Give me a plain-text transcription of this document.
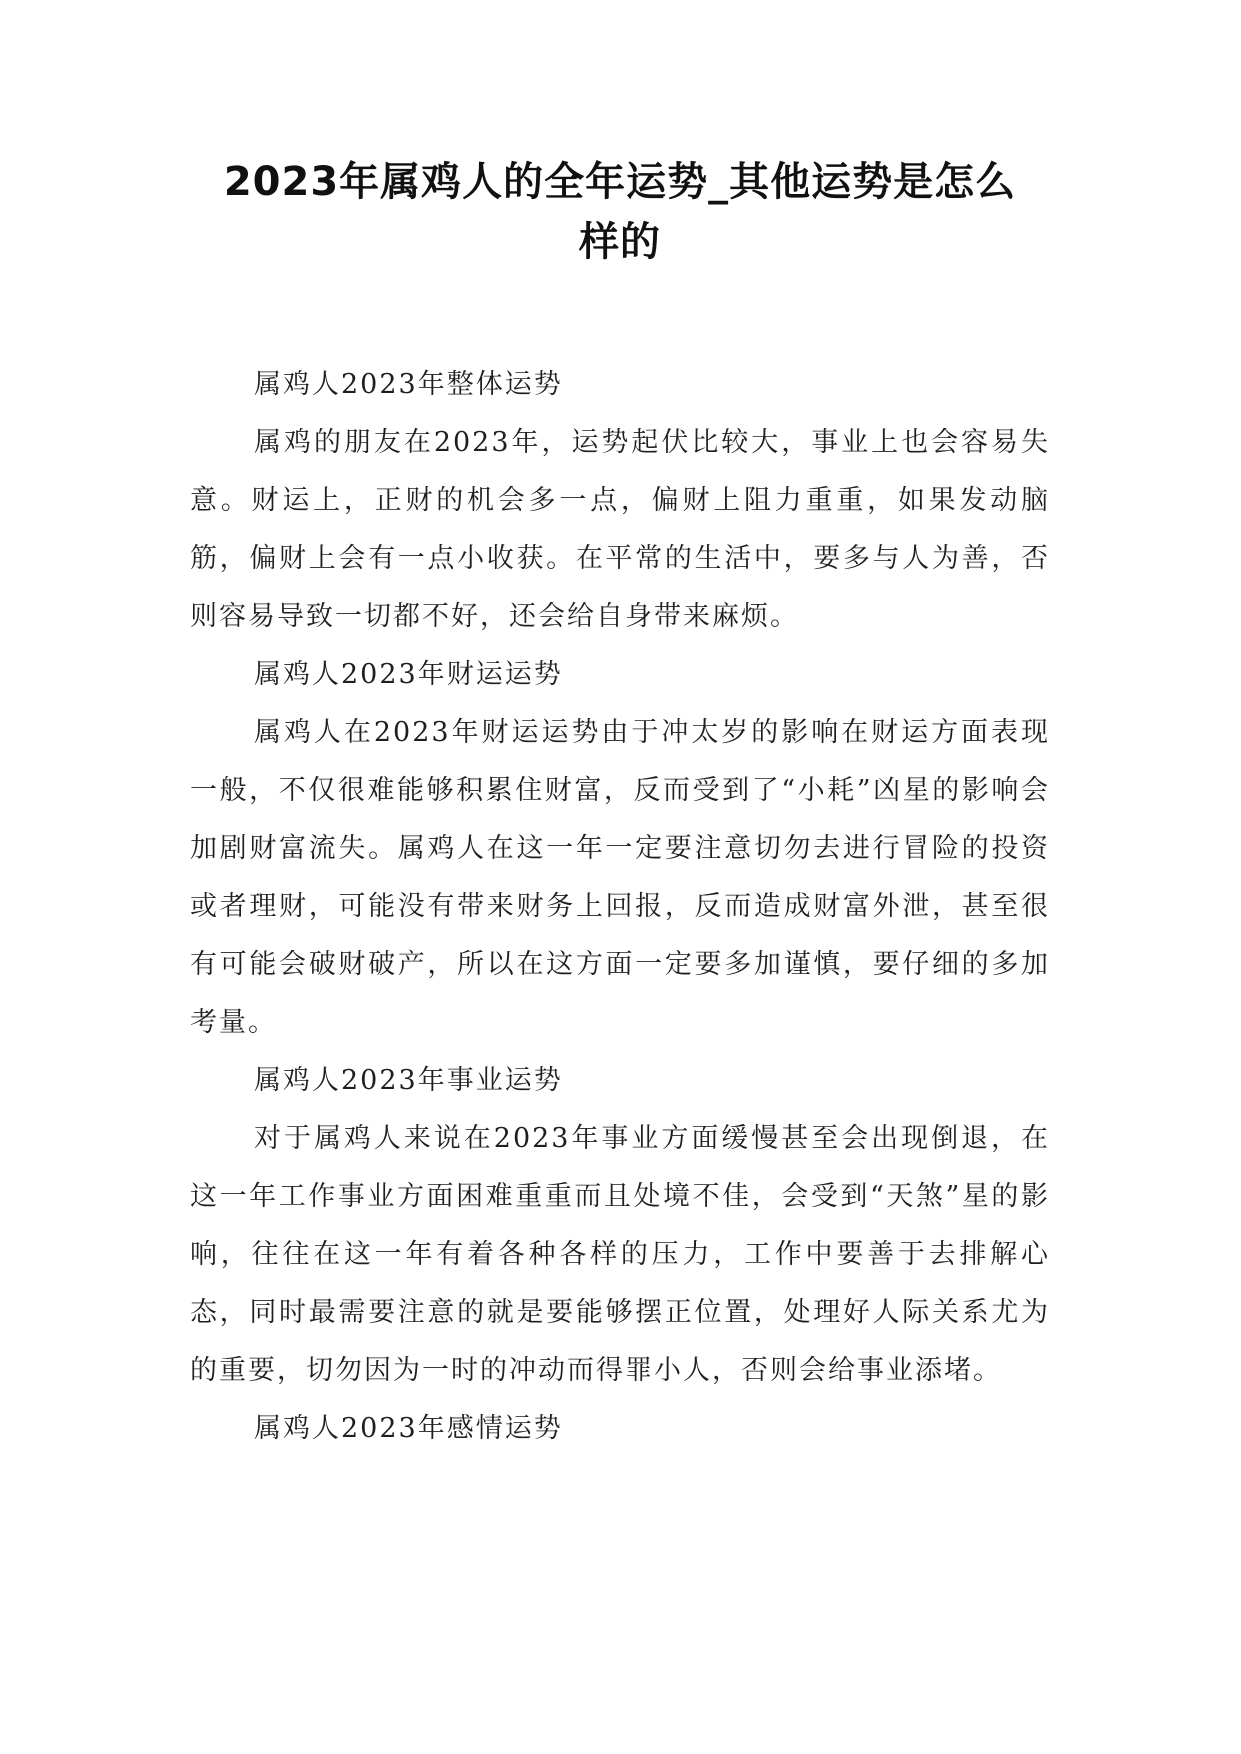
2023年属鸡人的全年运势_其他运势是怎么
样的

属鸡人2023年整体运势

属鸡的朋友在2023年，运势起伏比较大，事业上也会容易失意。财运上，正财的机会多一点，偏财上阻力重重，如果发动脑筋，偏财上会有一点小收获。在平常的生活中，要多与人为善，否则容易导致一切都不好，还会给自身带来麻烦。

属鸡人2023年财运运势

属鸡人在2023年财运运势由于冲太岁的影响在财运方面表现一般，不仅很难能够积累住财富，反而受到了“小耗”凶星的影响会加剧财富流失。属鸡人在这一年一定要注意切勿去进行冒险的投资或者理财，可能没有带来财务上回报，反而造成财富外泄，甚至很有可能会破财破产，所以在这方面一定要多加谨慎，要仔细的多加考量。

属鸡人2023年事业运势

对于属鸡人来说在2023年事业方面缓慢甚至会出现倒退，在这一年工作事业方面困难重重而且处境不佳，会受到“天煞”星的影响，往往在这一年有着各种各样的压力，工作中要善于去排解心态，同时最需要注意的就是要能够摆正位置，处理好人际关系尤为的重要，切勿因为一时的冲动而得罪小人，否则会给事业添堵。

属鸡人2023年感情运势
